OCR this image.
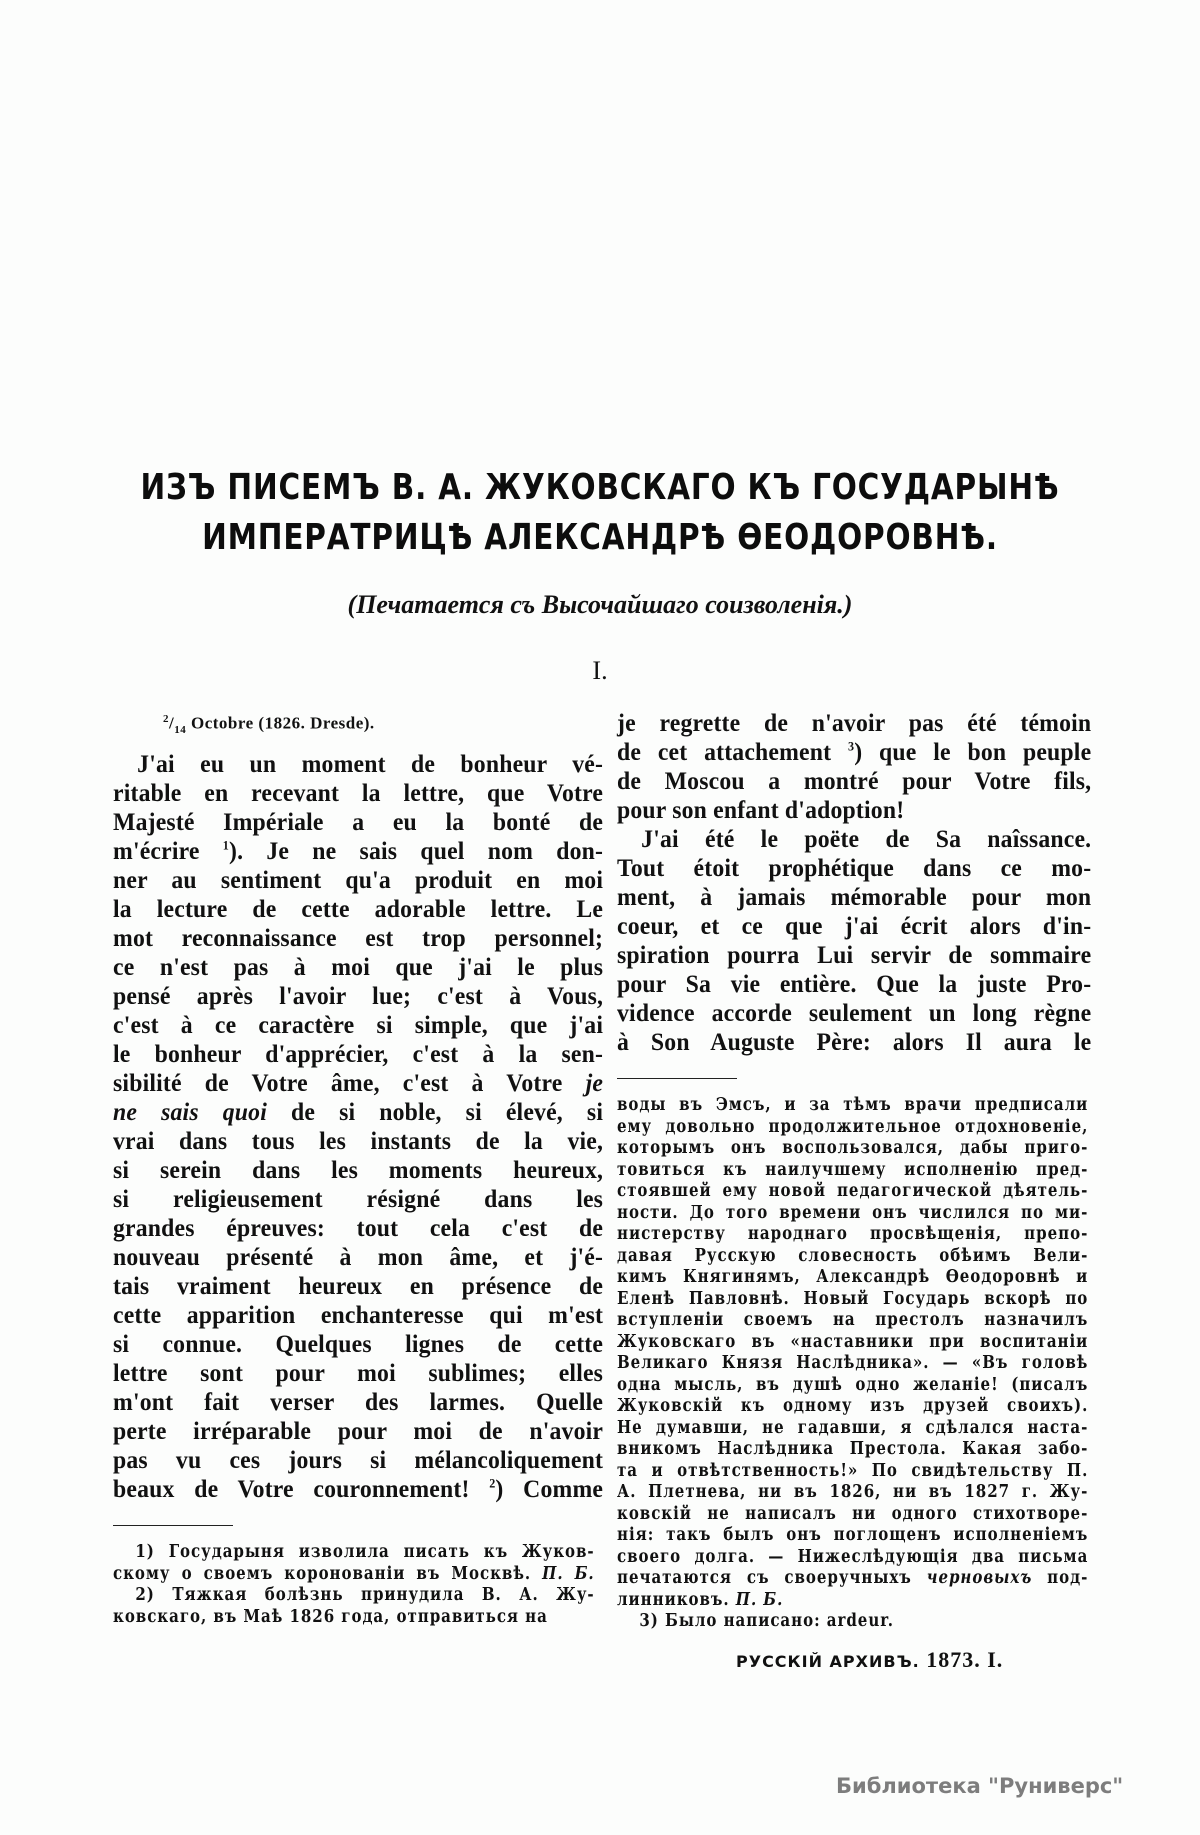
ИЗЪ ПИСЕМЪ В. А. ЖУКОВСКАГО КЪ ГОСУДАРЫНѢ
ИМПЕРАТРИЦѢ АЛЕКСАНДРѢ ѲЕОДОРОВНѢ.
(Печатается съ Высочайшаго соизволенія.)
I.
$^2/_{14}$ Octobre (1826. Dresde).
J'ai eu un moment de bonheur vé-
ritable en recevant la lettre, que Votre
Majesté Impériale a eu la bonté de
m'écrire $^1$). Je ne sais quel nom don-
ner au sentiment qu'a produit en moi
la lecture de cette adorable lettre. Le
mot reconnaissance est trop personnel;
ce n'est pas à moi que j'ai le plus
pensé après l'avoir lue; c'est à Vous,
c'est à ce caractère si simple, que j'ai
le bonheur d'apprécier, c'est à la sen-
sibilité de Votre âme, c'est à Votre je
ne sais quoi de si noble, si élevé, si
vrai dans tous les instants de la vie,
si serein dans les moments heureux,
si religieusement résigné dans les
grandes épreuves: tout cela c'est de
nouveau présenté à mon âme, et j'é-
tais vraiment heureux en présence de
cette apparition enchanteresse qui m'est
si connue. Quelques lignes de cette
lettre sont pour moi sublimes; elles
m'ont fait verser des larmes. Quelle
perte irréparable pour moi de n'avoir
pas vu ces jours si mélancoliquement
beaux de Votre couronnement! $^2$) Comme
1) Государыня изволила писать къ Жуков-
скому о своемъ короновaніи въ Москвѣ. П. Б.
2) Тяжкая болѣзнь принудила В. А. Жу-
ковскаго, въ Маѣ 1826 года, отправиться на
je regrette de n'avoir pas été témoin
de cet attachement $^3$) que le bon peuple
de Moscou a montré pour Votre fils,
pour son enfant d'adoption!
J'ai été le poëte de Sa naîssance.
Tout étoit prophétique dans ce mo-
ment, à jamais mémorable pour mon
coeur, et ce que j'ai écrit alors d'in-
spiration pourra Lui servir de sommaire
pour Sa vie entière. Que la juste Pro-
vidence accorde seulement un long règne
à Son Auguste Père: alors Il aura le
воды въ Эмсъ, и за тѣмъ врачи предписали
ему довольно продолжительное отдохновеніе,
которымъ онъ воспользовался, дабы приго-
товиться къ наилучшему исполненію пред-
стоявшей ему новой педагогической дѣятель-
ности. До того времени онъ числился по ми-
нистерству народнаго просвѣщенія, препо-
давая Русскую словесность обѣимъ Вели-
кимъ Княгинямъ, Александрѣ Ѳеодоровнѣ и
Еленѣ Павловнѣ. Новый Государь вскорѣ по
вступленіи своемъ на престолъ назначилъ
Жуковскаго въ «наставники при воспитаніи
Великаго Князя Наслѣдника». — «Въ головѣ
одна мысль, въ душѣ одно желаніе! (писалъ
Жуковскій къ одному изъ друзей своихъ).
Не думавши, не гадавши, я сдѣлался наста-
вникомъ Наслѣдника Престола. Какая забо-
та и отвѣтственность!» По свидѣтельству П.
А. Плетнева, ни въ 1826, ни въ 1827 г. Жу-
ковскій не написалъ ни одного стихотворе-
нія: такъ былъ онъ поглощенъ исполненіемъ
своего долга. — Нижеслѣдующія два письма
печатаются съ своеручныхъ черновыхъ под-
линниковъ. П. Б.
3) Было написано: ardeur.
РУССКІЙ АРХИВЪ. 1873. I.
Библиотека "Руниверс"
